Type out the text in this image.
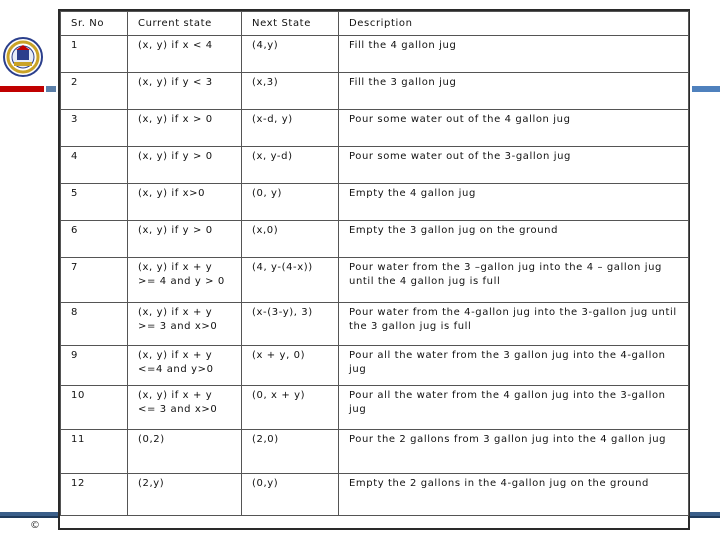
Sr. No	Current state	Next State	Description
1	(x, y) if x < 4	(4,y)	Fill the 4 gallon jug
2	(x, y) if y < 3	(x,3)	Fill the 3 gallon jug
3	(x, y) if x > 0	(x-d, y)	Pour some water out of the 4 gallon jug
4	(x, y) if y > 0	(x, y-d)	Pour some water out of the 3-gallon jug
5	(x, y) if x>0	(0, y)	Empty the 4 gallon jug
6	(x, y) if y > 0	(x,0)	Empty the 3 gallon jug on the ground
7	(x, y) if x + y >= 4 and y > 0	(4, y-(4-x))	Pour water from the 3 –gallon jug into the 4 – gallon jug until the 4 gallon jug is full
8	(x, y) if x + y >= 3 and x>0	(x-(3-y), 3)	Pour water from the 4-gallon jug into the 3-gallon jug until the 3 gallon jug is full
9	(x, y) if x + y <=4 and y>0	(x + y, 0)	Pour all the water from the 3 gallon jug into the 4-gallon jug
10	(x, y) if x + y <= 3 and x>0	(0, x + y)	Pour all the water from the 4 gallon jug into the 3-gallon jug
11	(0,2)	(2,0)	Pour the 2 gallons from 3 gallon jug into the 4 gallon jug
12	(2,y)	(0,y)	Empty the 2 gallons in the 4-gallon jug on the ground
©
